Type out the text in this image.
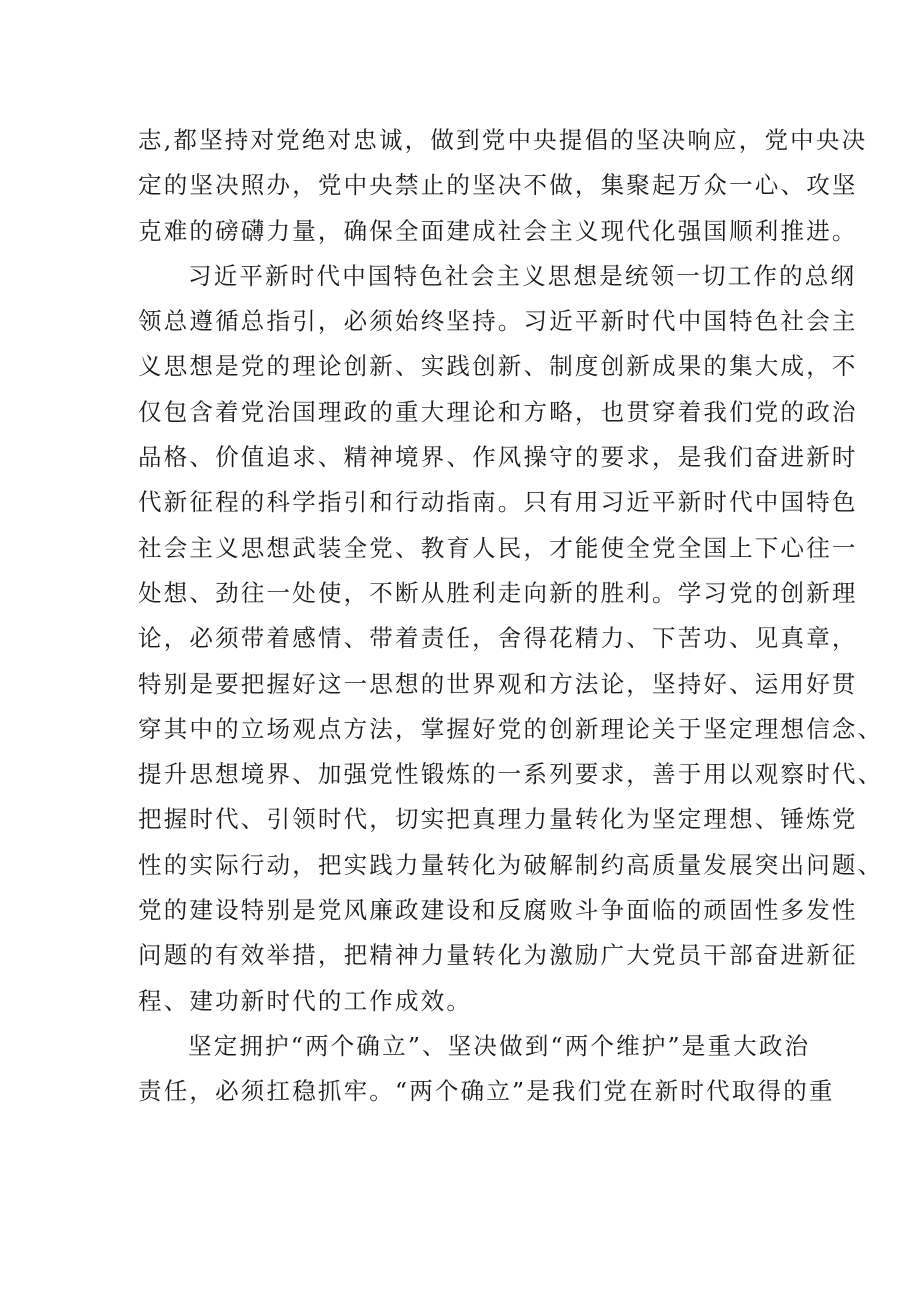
志,都坚持对党绝对忠诚，做到党中央提倡的坚决响应，党中央决
定的坚决照办，党中央禁止的坚决不做，集聚起万众一心、攻坚
克难的磅礴力量，确保全面建成社会主义现代化强国顺利推进。
习近平新时代中国特色社会主义思想是统领一切工作的总纲
领总遵循总指引，必须始终坚持。习近平新时代中国特色社会主
义思想是党的理论创新、实践创新、制度创新成果的集大成，不
仅包含着党治国理政的重大理论和方略，也贯穿着我们党的政治
品格、价值追求、精神境界、作风操守的要求，是我们奋进新时
代新征程的科学指引和行动指南。只有用习近平新时代中国特色
社会主义思想武装全党、教育人民，才能使全党全国上下心往一
处想、劲往一处使，不断从胜利走向新的胜利。学习党的创新理
论，必须带着感情、带着责任，舍得花精力、下苦功、见真章，
特别是要把握好这一思想的世界观和方法论，坚持好、运用好贯
穿其中的立场观点方法，掌握好党的创新理论关于坚定理想信念、
提升思想境界、加强党性锻炼的一系列要求，善于用以观察时代、
把握时代、引领时代，切实把真理力量转化为坚定理想、锤炼党
性的实际行动，把实践力量转化为破解制约高质量发展突出问题、
党的建设特别是党风廉政建设和反腐败斗争面临的顽固性多发性
问题的有效举措，把精神力量转化为激励广大党员干部奋进新征
程、建功新时代的工作成效。
坚定拥护“两个确立”、坚决做到“两个维护”是重大政治
责任，必须扛稳抓牢。“两个确立”是我们党在新时代取得的重
